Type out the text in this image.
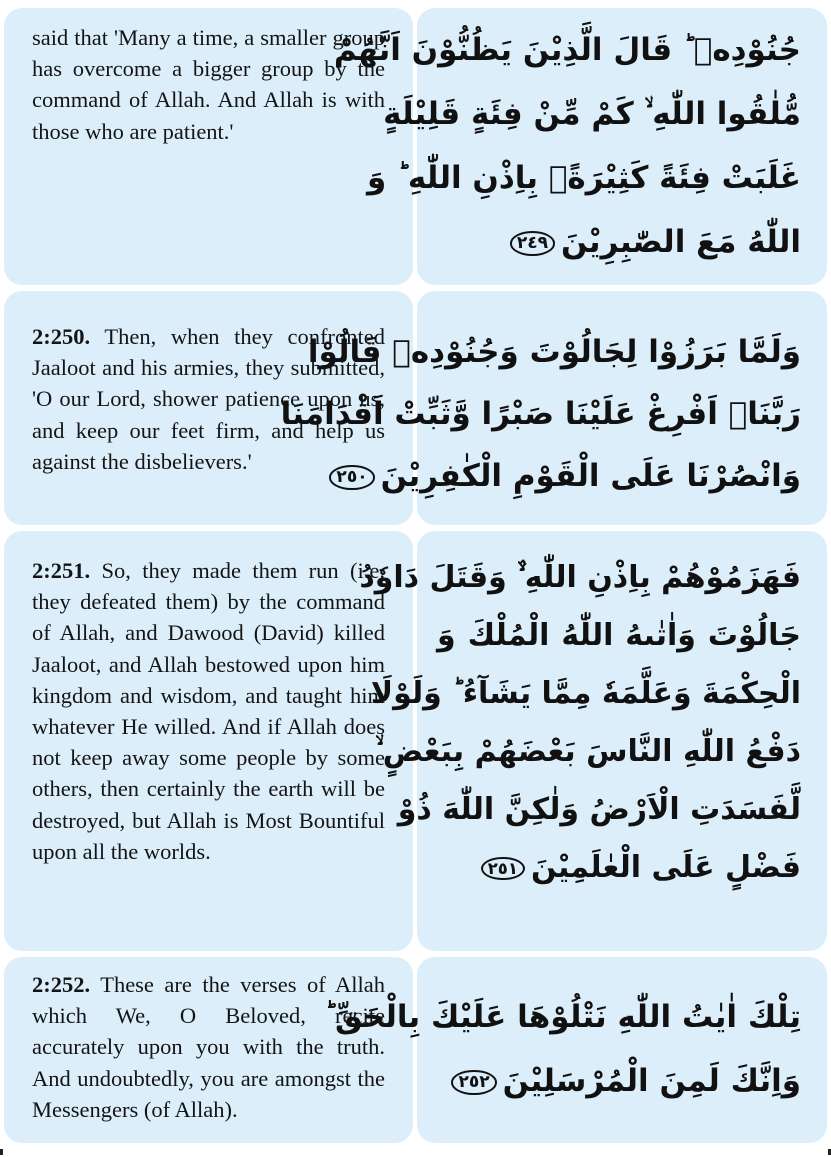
said that 'Many a time, a smaller group has overcome a bigger group by the command of Allah. And Allah is with those who are patient.'

جُنُوْدِهٖ ؕ قَالَ الَّذِيْنَ يَظُنُّوْنَ اَنَّهُمْ
مُّلٰقُوا اللّٰهِ ۙ كَمْ مِّنْ فِئَةٍ قَلِيْلَةٍ
غَلَبَتْ فِئَةً كَثِيْرَةًۢ بِاِذْنِ اللّٰهِ ؕ وَ
اللّٰهُ مَعَ الصّٰبِرِيْنَ٢٤٩

2:250. Then, when they confronted Jaaloot and his armies, they submitted, 'O our Lord, shower patience upon us, and keep our feet firm, and help us against the disbelievers.'

وَلَمَّا بَرَزُوْا لِجَالُوْتَ وَجُنُوْدِهٖ قَالُوْا
رَبَّنَاۤ اَفْرِغْ عَلَيْنَا صَبْرًا وَّثَبِّتْ اَقْدَامَنَا
وَانْصُرْنَا عَلَى الْقَوْمِ الْكٰفِرِيْنَ٢٥٠

2:251. So, they made them run (i.e. they defeated them) by the command of Allah, and Dawood (David) killed Jaaloot, and Allah bestowed upon him kingdom and wisdom, and taught him whatever He willed. And if Allah does not keep away some people by some others, then certainly the earth will be destroyed, but Allah is Most Bountiful upon all the worlds.

فَهَزَمُوْهُمْ بِاِذْنِ اللّٰهِ ۙ۫ وَقَتَلَ دَاوٗدُ
جَالُوْتَ وَاٰتٰىهُ اللّٰهُ الْمُلْكَ وَ
الْحِكْمَةَ وَعَلَّمَهٗ مِمَّا يَشَآءُ ؕ وَلَوْلَا
دَفْعُ اللّٰهِ النَّاسَ بَعْضَهُمْ بِبَعْضٍ ۙ
لَّفَسَدَتِ الْاَرْضُ وَلٰكِنَّ اللّٰهَ ذُوْ
فَضْلٍ عَلَى الْعٰلَمِيْنَ٢٥١

2:252. These are the verses of Allah which We, O Beloved, recite accurately upon you with the truth. And undoubtedly, you are amongst the Messengers (of Allah).

تِلْكَ اٰيٰتُ اللّٰهِ نَتْلُوْهَا عَلَيْكَ بِالْحَقِّ ؕ
وَاِنَّكَ لَمِنَ الْمُرْسَلِيْنَ٢٥٢
